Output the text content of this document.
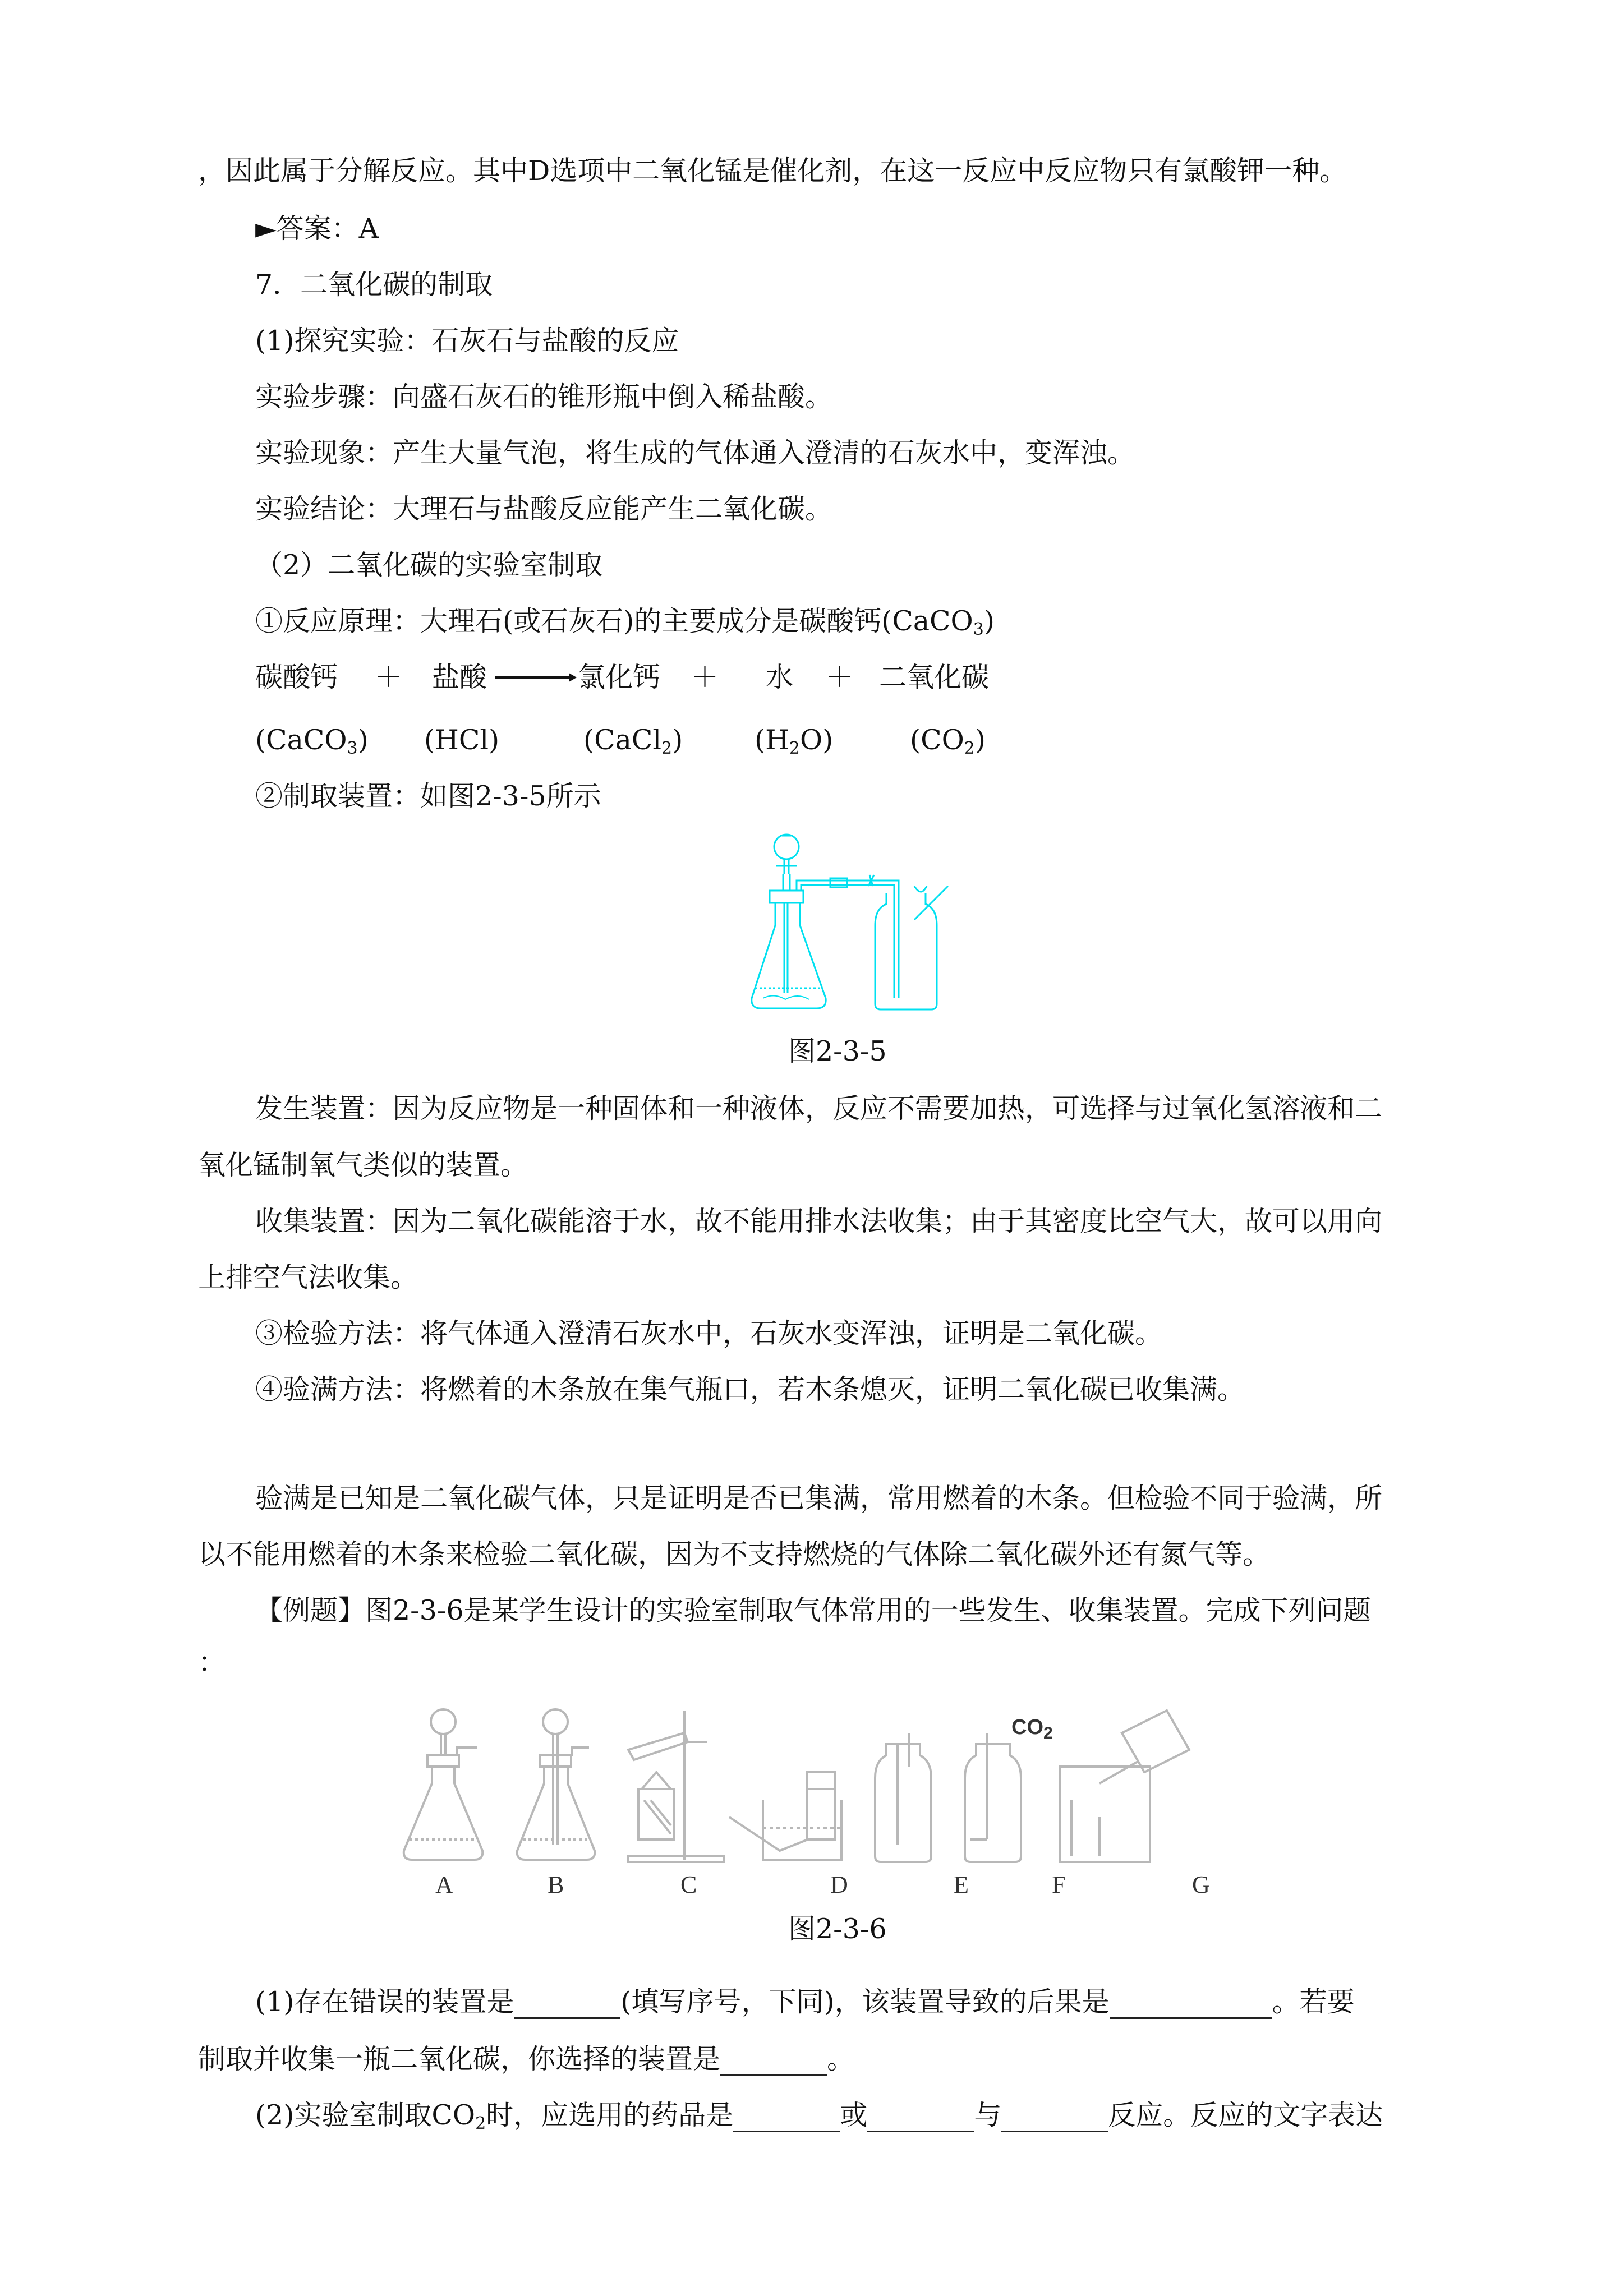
，因此属于分解反应。其中D选项中二氧化锰是催化剂，在这一反应中反应物只有氯酸钾一种。
►答案：A
7．二氧化碳的制取
(1)探究实验：石灰石与盐酸的反应
实验步骤：向盛石灰石的锥形瓶中倒入稀盐酸。
实验现象：产生大量气泡，将生成的气体通入澄清的石灰水中，变浑浊。
实验结论：大理石与盐酸反应能产生二氧化碳。
（2）二氧化碳的实验室制取
①反应原理：大理石(或石灰石)的主要成分是碳酸钙(CaCO$_3$)
碳酸钙 ＋ 盐酸	氯化钙 ＋ 水 ＋ 二氧化碳
(CaCO$_3$) (HCl)	(CaCl$_2$)	$(H_2O)$	$(CO_2)$
②制取装置：如图2-3-5所示
图2-3-5
发生装置：因为反应物是一种固体和一种液体，反应不需要加热，可选择与过氧化氢溶液和二
氧化锰制氧气类似的装置。
收集装置：因为二氧化碳能溶于水，故不能用排水法收集；由于其密度比空气大，故可以用向
上排空气法收集。
③检验方法：将气体通入澄清石灰水中，石灰水变浑浊，证明是二氧化碳。
④验满方法：将燃着的木条放在集气瓶口，若木条熄灭，证明二氧化碳已收集满。
验满是已知是二氧化碳气体，只是证明是否已集满，常用燃着的木条。但检验不同于验满，所
以不能用燃着的木条来检验二氧化碳，因为不支持燃烧的气体除二氧化碳外还有氮气等。
【例题】图2-3-6是某学生设计的实验室制取气体常用的一些发生、收集装置。完成下列问题
：
$CO_2$
A	B	C	D	E	F	G
图2-3-6
(1)存在错误的装置是	(填写序号，下同)，该装置导致的后果是	。若要
制取并收集一瓶二氧化碳，你选择的装置是	。
(2)实验室制取$CO_2$时，应选用的药品是	或	与	反应。反应的文字表达
